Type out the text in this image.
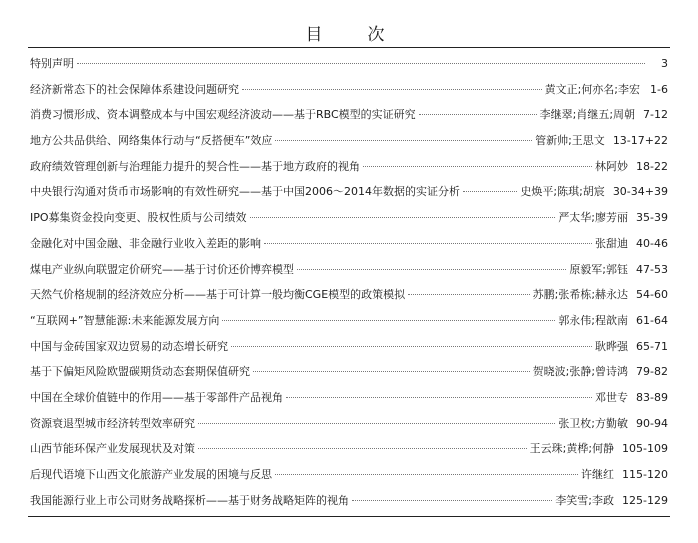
目　次
特别声明	3
经济新常态下的社会保障体系建设问题研究	黄文正;何亦名;李宏 1-6
消费习惯形成、资本调整成本与中国宏观经济波动——基于RBC模型的实证研究	李继翠;肖继五;周朝 7-12
地方公共品供给、网络集体行动与“反搭便车”效应	管新帅;王思文 13-17+22
政府绩效管理创新与治理能力提升的契合性——基于地方政府的视角	林阿妙 18-22
中央银行沟通对货币市场影响的有效性研究——基于中国2006～2014年数据的实证分析	史焕平;陈琪;胡宸 30-34+39
IPO募集资金投向变更、股权性质与公司绩效	严太华;廖芳丽 35-39
金融化对中国金融、非金融行业收入差距的影响	张甜迪 40-46
煤电产业纵向联盟定价研究——基于讨价还价博弈模型	原毅军;郭钰 47-53
天然气价格规制的经济效应分析——基于可计算一般均衡CGE模型的政策模拟	苏鹏;张希栋;赫永达 54-60
“互联网+”智慧能源:未来能源发展方向	郭永伟;程歆南 61-64
中国与金砖国家双边贸易的动态增长研究	耿晔强 65-71
基于下偏矩风险欧盟碳期货动态套期保值研究	贺晓波;张静;曾诗鸿 79-82
中国在全球价值链中的作用——基于零部件产品视角	邓世专 83-89
资源衰退型城市经济转型效率研究	张卫枚;方勤敏 90-94
山西节能环保产业发展现状及对策	王云珠;黄桦;何静 105-109
后现代语境下山西文化旅游产业发展的困境与反思	许继红 115-120
我国能源行业上市公司财务战略探析——基于财务战略矩阵的视角	李笑雪;李政 125-129
